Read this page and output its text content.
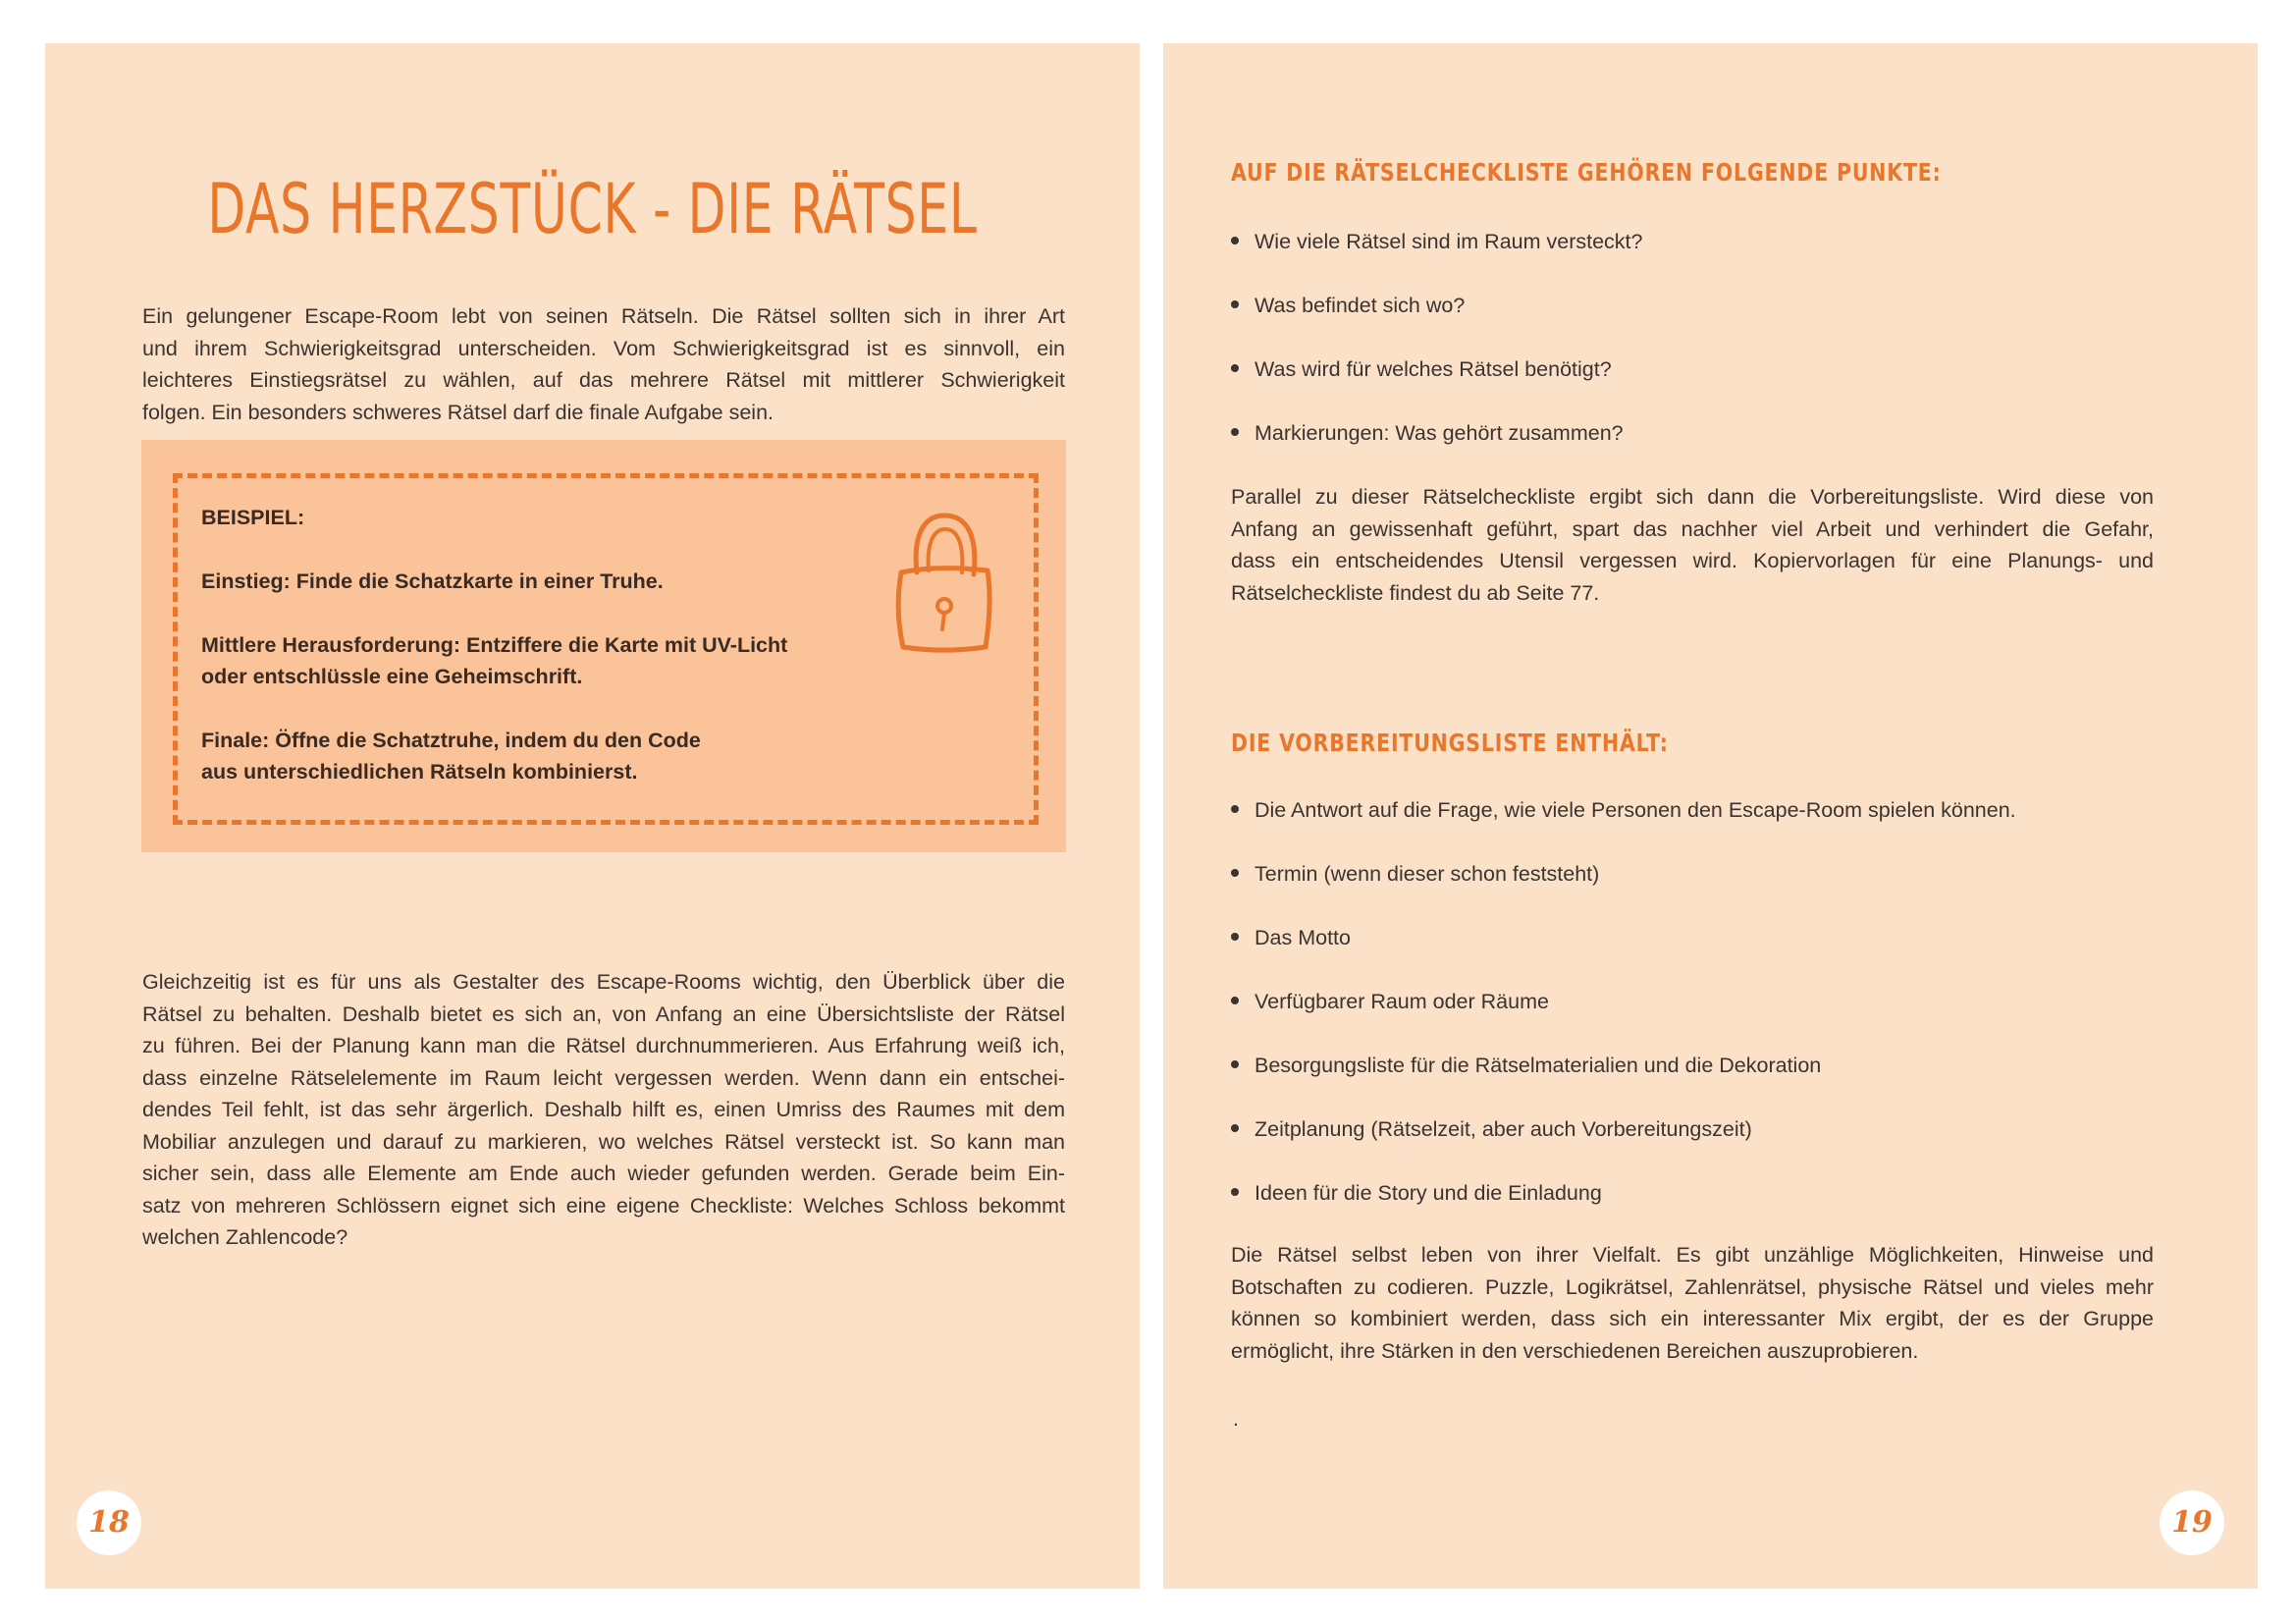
DAS HERZSTÜCK - DIE RÄTSEL
Ein gelungener Escape-Room lebt von seinen Rätseln. Die Rätsel sollten sich in ihrer Art
und ihrem Schwierigkeitsgrad unterscheiden. Vom Schwierigkeitsgrad ist es sinnvoll, ein
leichteres Einstiegsrätsel zu wählen, auf das mehrere Rätsel mit mittlerer Schwierigkeit
folgen. Ein besonders schweres Rätsel darf die finale Aufgabe sein.

BEISPIEL:

Einstieg: Finde die Schatzkarte in einer Truhe.

Mittlere Herausforderung: Entziffere die Karte mit UV-Licht

oder entschlüssle eine Geheimschrift.

Finale: Öffne die Schatztruhe, indem du den Code

aus unterschiedlichen Rätseln kombinierst.

Gleichzeitig ist es für uns als Gestalter des Escape-Rooms wichtig, den Überblick über die
Rätsel zu behalten. Deshalb bietet es sich an, von Anfang an eine Übersichtsliste der Rätsel
zu führen. Bei der Planung kann man die Rätsel durchnummerieren. Aus Erfahrung weiß ich,
dass einzelne Rätselelemente im Raum leicht vergessen werden. Wenn dann ein entschei-
dendes Teil fehlt, ist das sehr ärgerlich. Deshalb hilft es, einen Umriss des Raumes mit dem
Mobiliar anzulegen und darauf zu markieren, wo welches Rätsel versteckt ist. So kann man
sicher sein, dass alle Elemente am Ende auch wieder gefunden werden. Gerade beim Ein-
satz von mehreren Schlössern eignet sich eine eigene Checkliste: Welches Schloss bekommt
welchen Zahlencode?
18
AUF DIE RÄTSELCHECKLISTE GEHÖREN FOLGENDE PUNKTE:
Wie viele Rätsel sind im Raum versteckt?
Was befindet sich wo?
Was wird für welches Rätsel benötigt?
Markierungen: Was gehört zusammen?
Parallel zu dieser Rätselcheckliste ergibt sich dann die Vorbereitungsliste. Wird diese von
Anfang an gewissenhaft geführt, spart das nachher viel Arbeit und verhindert die Gefahr,
dass ein entscheidendes Utensil vergessen wird. Kopiervorlagen für eine Planungs- und
Rätselcheckliste findest du ab Seite 77.
DIE VORBEREITUNGSLISTE ENTHÄLT:
Die Antwort auf die Frage, wie viele Personen den Escape-Room spielen können.
Termin (wenn dieser schon feststeht)
Das Motto
Verfügbarer Raum oder Räume
Besorgungsliste für die Rätselmaterialien und die Dekoration
Zeitplanung (Rätselzeit, aber auch Vorbereitungszeit)
Ideen für die Story und die Einladung
Die Rätsel selbst leben von ihrer Vielfalt. Es gibt unzählige Möglichkeiten, Hinweise und
Botschaften zu codieren. Puzzle, Logikrätsel, Zahlenrätsel, physische Rätsel und vieles mehr
können so kombiniert werden, dass sich ein interessanter Mix ergibt, der es der Gruppe
ermöglicht, ihre Stärken in den verschiedenen Bereichen auszuprobieren.
.
19
